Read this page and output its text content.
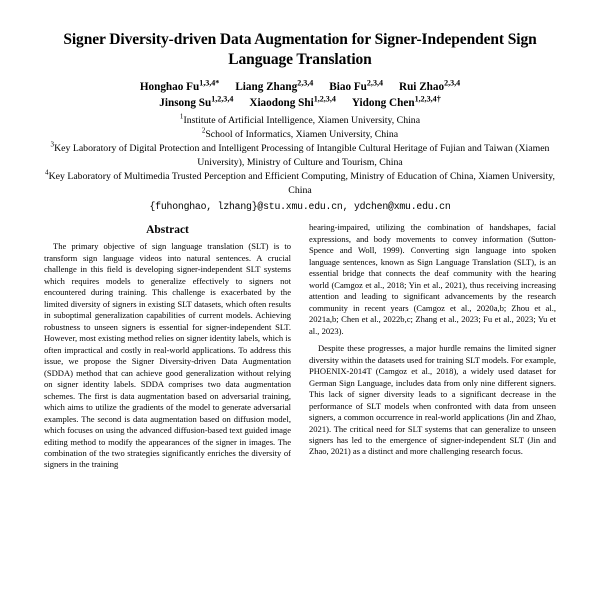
Signer Diversity-driven Data Augmentation for Signer-Independent Sign Language Translation
Honghao $Fu^{1,3,4*}$ Liang Zhang$^{2,3,4}$ Biao Fu$^{2,3,4}$ Rui Zhao$^{2,3,4}$
Jinsong Su$^{1,2,3,4}$ Xiaodong Shi$^{1,2,3,4}$ Yidong Chen$^{1,2,3,4\dagger}$
$^1$Institute of Artificial Intelligence, Xiamen University, China
$^2$School of Informatics, Xiamen University, China
$^3$Key Laboratory of Digital Protection and Intelligent Processing of Intangible Cultural Heritage of Fujian and Taiwan (Xiamen University), Ministry of Culture and Tourism, China
$^4$Key Laboratory of Multimedia Trusted Perception and Efficient Computing, Ministry of Education of China, Xiamen University, China
{fuhonghao, lzhang}@stu.xmu.edu.cn, ydchen@xmu.edu.cn
Abstract

The primary objective of sign language translation (SLT) is to transform sign language videos into natural sentences. A crucial challenge in this field is developing signer-independent SLT systems which requires models to generalize effectively to signers not encountered during training. This challenge is exacerbated by the limited diversity of signers in existing SLT datasets, which often results in suboptimal generalization capabilities of current models. Achieving robustness to unseen signers is essential for signer-independent SLT. However, most existing method relies on signer identity labels, which is often impractical and costly in real-world applications. To address this issue, we propose the Signer Diversity-driven Data Augmentation (SDDA) method that can achieve good generalization without relying on signer identity labels. SDDA comprises two data augmentation schemes. The first is data augmentation based on adversarial training, which aims to utilize the gradients of the model to generate adversarial examples. The second is data augmentation based on diffusion model, which focuses on using the advanced diffusion-based text guided image editing method to modify the appearances of the signer in images. The combination of the two strategies significantly enriches the diversity of signers in the training

hearing-impaired, utilizing the combination of handshapes, facial expressions, and body movements to convey information (Sutton-Spence and Woll, 1999). Converting sign language into spoken language sentences, known as Sign Language Translation (SLT), is an essential bridge that connects the deaf community with the hearing world (Camgoz et al., 2018; Yin et al., 2021), thus receiving increasing attention and leading to significant advancements by the research community in recent years (Camgoz et al., 2020a,b; Zhou et al., 2021a,b; Chen et al., 2022b,c; Zhang et al., 2023; Fu et al., 2023; Yu et al., 2023).

Despite these progresses, a major hurdle remains the limited signer diversity within the datasets used for training SLT models. For example, PHOENIX-2014T (Camgoz et al., 2018), a widely used dataset for German Sign Language, includes data from only nine different signers. This lack of signer diversity leads to a significant decrease in the performance of SLT models when confronted with data from unseen signers, a common occurrence in real-world applications (Jin and Zhao, 2021). The critical need for SLT systems that can generalize to unseen signers has led to the emergence of signer-independent SLT (Jin and Zhao, 2021) as a distinct and more challenging research focus.
